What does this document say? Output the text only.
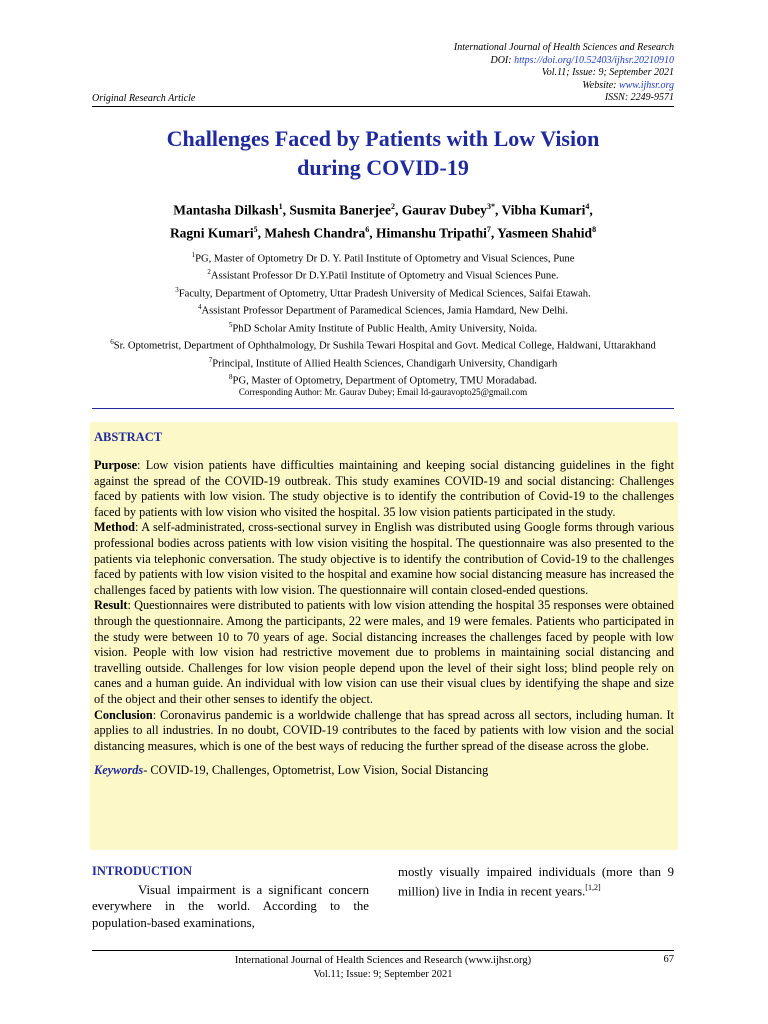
International Journal of Health Sciences and Research
DOI: https://doi.org/10.52403/ijhsr.20210910
Vol.11; Issue: 9; September 2021
Website: www.ijhsr.org
ISSN: 2249-9571
Original Research Article
Challenges Faced by Patients with Low Vision
during COVID-19
Mantasha Dilkash$^1$, Susmita Banerjee$^2$, Gaurav Dubey$^{3*}$, Vibha Kumari$^4$,
Ragni Kumari$^5$, Mahesh Chandra$^6$, Himanshu Tripathi$^7$, Yasmeen Shahid$^8$
$^1$PG, Master of Optometry Dr D. Y. Patil Institute of Optometry and Visual Sciences, Pune
$^2$Assistant Professor Dr D.Y.Patil Institute of Optometry and Visual Sciences Pune.
$^3$Faculty, Department of Optometry, Uttar Pradesh University of Medical Sciences, Saifai Etawah.
$^4$Assistant Professor Department of Paramedical Sciences, Jamia Hamdard, New Delhi.
$^5$PhD Scholar Amity Institute of Public Health, Amity University, Noida.
$^6$Sr. Optometrist, Department of Ophthalmology, Dr Sushila Tewari Hospital and Govt. Medical College, Haldwani, Uttarakhand
$^7$Principal, Institute of Allied Health Sciences, Chandigarh University, Chandigarh
$^8$PG, Master of Optometry, Department of Optometry, TMU Moradabad.
Corresponding Author: Mr. Gaurav Dubey; Email Id-gauravopto25@gmail.com
ABSTRACT

Purpose: Low vision patients have difficulties maintaining and keeping social distancing guidelines in the fight against the spread of the COVID-19 outbreak. This study examines COVID-19 and social distancing: Challenges faced by patients with low vision. The study objective is to identify the contribution of Covid-19 to the challenges faced by patients with low vision who visited the hospital. 35 low vision patients participated in the study.

Method: A self-administrated, cross-sectional survey in English was distributed using Google forms through various professional bodies across patients with low vision visiting the hospital. The questionnaire was also presented to the patients via telephonic conversation. The study objective is to identify the contribution of Covid-19 to the challenges faced by patients with low vision visited to the hospital and examine how social distancing measure has increased the challenges faced by patients with low vision. The questionnaire will contain closed-ended questions.

Result: Questionnaires were distributed to patients with low vision attending the hospital 35 responses were obtained through the questionnaire. Among the participants, 22 were males, and 19 were females. Patients who participated in the study were between 10 to 70 years of age. Social distancing increases the challenges faced by people with low vision. People with low vision had restrictive movement due to problems in maintaining social distancing and travelling outside. Challenges for low vision people depend upon the level of their sight loss; blind people rely on canes and a human guide. An individual with low vision can use their visual clues by identifying the shape and size of the object and their other senses to identify the object.

Conclusion: Coronavirus pandemic is a worldwide challenge that has spread across all sectors, including human. It applies to all industries. In no doubt, COVID-19 contributes to the faced by patients with low vision and the social distancing measures, which is one of the best ways of reducing the further spread of the disease across the globe.

Keywords- COVID-19, Challenges, Optometrist, Low Vision, Social Distancing
INTRODUCTION
Visual impairment is a significant concern everywhere in the world. According to the population-based examinations,
mostly visually impaired individuals (more than 9 million) live in India in recent years.[1,2]
International Journal of Health Sciences and Research (www.ijhsr.org)
Vol.11; Issue: 9; September 2021
67
